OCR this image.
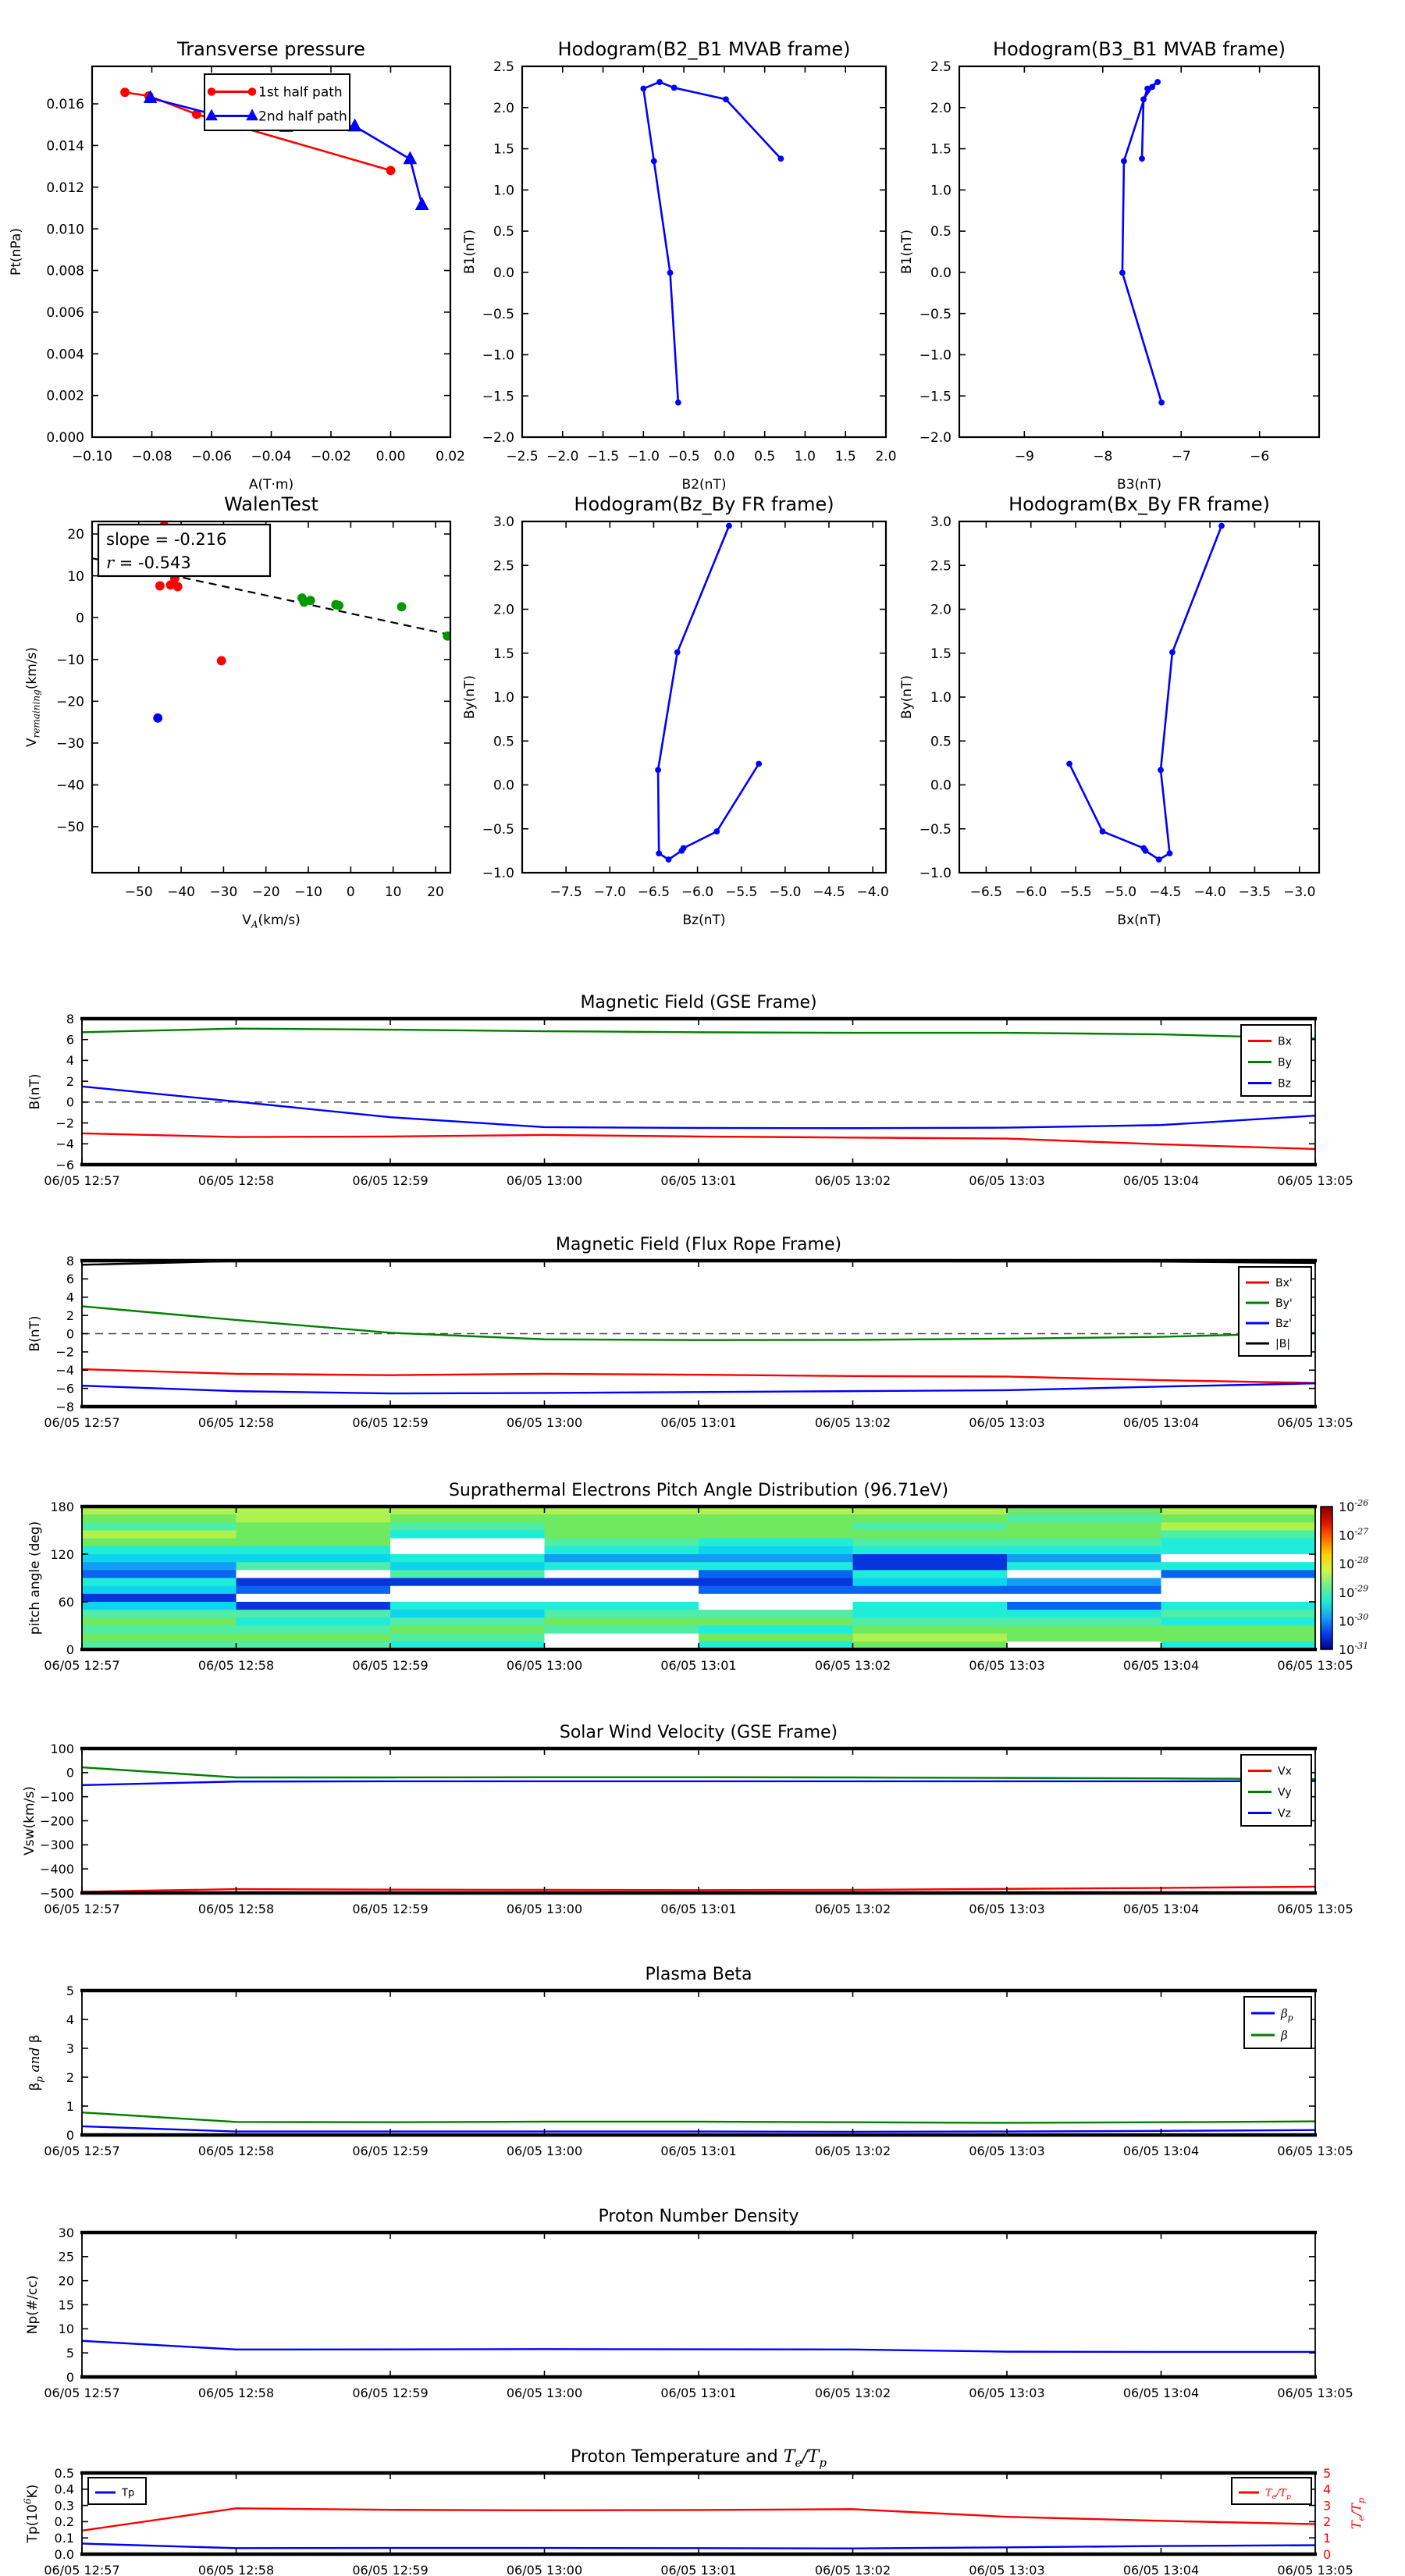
−0.10 −0.08 −0.06 −0.04 −0.02 0.00 0.02
0.000
0.002
0.004
0.006
0.008
0.010
0.012
0.014
0.016
Transverse pressure
A(T·m)
Pt(nPa)
1st half path
2nd half path
−2.5 −2.0 −1.5 −1.0 −0.5 0.0 0.5 1.0 1.5 2.0
−2.0
−1.5
−1.0
−0.5
0.0
0.5
1.0
1.5
2.0
2.5
Hodogram(B2_B1 MVAB frame)
B2(nT)
B1(nT)
−9	−8	−7	−6
−2.0
−1.5
−1.0
−0.5
0.0
0.5
1.0
1.5
2.0
2.5
Hodogram(B3_B1 MVAB frame)
B3(nT)
B1(nT)
−50 −40 −30 −20 −10 0 10 20
−50
−40
−30
−20
−10
0
10
20
WalenTest
$V_A(km/s)$
$V_{remaining}(km/s)$
slope = -0.216
r = -0.543
−7.5 −7.0 −6.5 −6.0 −5.5 −5.0 −4.5 −4.0
−1.0
−0.5
0.0
0.5
1.0
1.5
2.0
2.5
3.0
Hodogram(Bz_By FR frame)
Bz(nT)
By(nT)
−6.5 −6.0 −5.5 −5.0 −4.5 −4.0 −3.5 −3.0
−1.0
−0.5
0.0
0.5
1.0
1.5
2.0
2.5
3.0
Hodogram(Bx_By FR frame)
Bx(nT)
By(nT)
06/05 12:57	06/05 12:58	06/05 12:59	06/05 13:00	06/05 13:01	06/05 13:02	06/05 13:03	06/05 13:04	06/05 13:05
−6
−4
−2
0
2
4
6
8
Magnetic Field (GSE Frame)
B(nT)
Bx
By
Bz
06/05 12:57	06/05 12:58	06/05 12:59	06/05 13:00	06/05 13:01	06/05 13:02	06/05 13:03	06/05 13:04	06/05 13:05
−8
−6
−4
−2
0
2
4
6
8
Magnetic Field (Flux Rope Frame)
B(nT)
Bx'
By'
Bz'
|B|
06/05 12:57	06/05 12:58	06/05 12:59	06/05 13:00	06/05 13:01	06/05 13:02	06/05 13:03	06/05 13:04	06/05 13:05
0
60
120
180
Suprathermal Electrons Pitch Angle Distribution (96.71eV)
pitch angle (deg)
$10^{-26}$
$10^{-27}$
$10^{-28}$
$10^{-29}$
$10^{-30}$
$10^{-31}$
06/05 12:57	06/05 12:58	06/05 12:59	06/05 13:00	06/05 13:01	06/05 13:02	06/05 13:03	06/05 13:04	06/05 13:05
−500
−400
−300
−200
−100
0
100
Solar Wind Velocity (GSE Frame)
Vsw(km/s)
Vx
Vy
Vz
06/05 12:57	06/05 12:58	06/05 12:59	06/05 13:00	06/05 13:01	06/05 13:02	06/05 13:03	06/05 13:04	06/05 13:05
0
1
2
3
4
5
Plasma Beta
$\beta_p$ and β
$\beta_p$
β
06/05 12:57	06/05 12:58	06/05 12:59	06/05 13:00	06/05 13:01	06/05 13:02	06/05 13:03	06/05 13:04	06/05 13:05
0
5
10
15
20
25
30
Proton Number Density
Np(#/cc)
06/05 12:57	06/05 12:58	06/05 12:59	06/05 13:00	06/05 13:01	06/05 13:02	06/05 13:03	06/05 13:04	06/05 13:05
0.0
0.1
0.2
0.3
0.4
0.5
0
1
2
3
4
5
$T_e/T_p$
Proton Temperature and $T_e/T_p$
$Tp(10^6K)$	Tp	$T_e/T_p$
